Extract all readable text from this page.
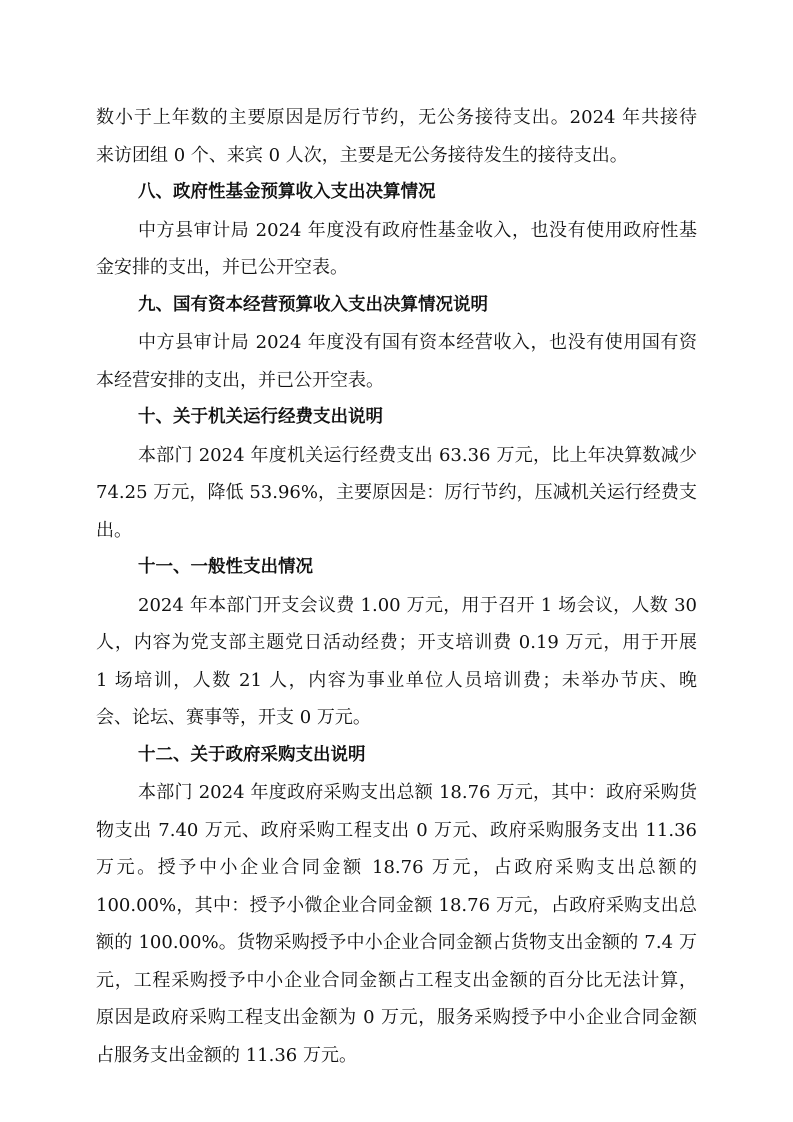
数小于上年数的主要原因是厉行节约，无公务接待支出。2024 年共接待
来访团组 0 个、来宾 0 人次，主要是无公务接待发生的接待支出。
八、政府性基金预算收入支出决算情况
中方县审计局 2024 年度没有政府性基金收入，也没有使用政府性基
金安排的支出，并已公开空表。
九、国有资本经营预算收入支出决算情况说明
中方县审计局 2024 年度没有国有资本经营收入，也没有使用国有资
本经营安排的支出，并已公开空表。
十、关于机关运行经费支出说明
本部门 2024 年度机关运行经费支出 63.36 万元，比上年决算数减少
74.25 万元，降低 53.96%，主要原因是：厉行节约，压减机关运行经费支
出。
十一、一般性支出情况
2024 年本部门开支会议费 1.00 万元，用于召开 1 场会议，人数 30
人，内容为党支部主题党日活动经费；开支培训费 0.19 万元，用于开展
1 场培训，人数 21 人，内容为事业单位人员培训费；未举办节庆、晚
会、论坛、赛事等，开支 0 万元。
十二、关于政府采购支出说明
本部门 2024 年度政府采购支出总额 18.76 万元，其中：政府采购货
物支出 7.40 万元、政府采购工程支出 0 万元、政府采购服务支出 11.36
万元。授予中小企业合同金额 18.76 万元，占政府采购支出总额的
100.00%，其中：授予小微企业合同金额 18.76 万元，占政府采购支出总
额的 100.00%。货物采购授予中小企业合同金额占货物支出金额的 7.4 万
元，工程采购授予中小企业合同金额占工程支出金额的百分比无法计算，
原因是政府采购工程支出金额为 0 万元，服务采购授予中小企业合同金额
占服务支出金额的 11.36 万元。
